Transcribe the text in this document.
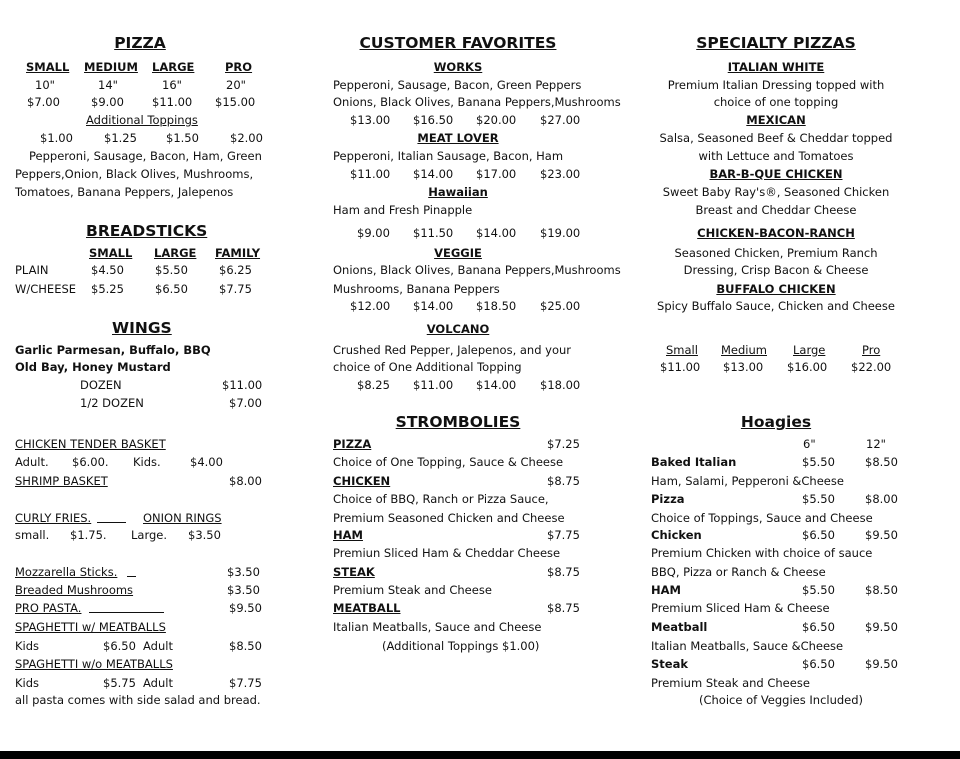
PIZZA
SMALL MEDIUM LARGE	PRO
10"	14"	16"	20"
$7.00	$9.00 $11.00 $15.00
Additional Toppings
$1.00	$1.25	$1.50	$2.00
Pepperoni, Sausage, Bacon, Ham, Green
Peppers,Onion, Black Olives, Mushrooms,
Tomatoes, Banana Peppers, Jalepenos
BREADSTICKS
SMALL LARGE FAMILY
PLAIN	$4.50	$5.50	$6.25
W/CHEESE $5.25	$6.50	$7.75
WINGS
Garlic Parmesan, Buffalo, BBQ
Old Bay, Honey Mustard
DOZEN	$11.00
1/2 DOZEN	$7.00
CHICKEN TENDER BASKET
Adult. $6.00. Kids.	$4.00
SHRIMP BASKET	$8.00
CURLY FRIES.	ONION RINGS
small. $1.75. Large. $3.50
Mozzarella Sticks.	$3.50
Breaded Mushrooms	$3.50
PRO PASTA.	$9.50
SPAGHETTI w/ MEATBALLS
Kids	$6.50 Adult	$8.50
SPAGHETTI w/o MEATBALLS
Kids	$5.75 Adult	$7.75
all pasta comes with side salad and bread.
CUSTOMER FAVORITES
WORKS
Pepperoni, Sausage, Bacon, Green Peppers
Onions, Black Olives, Banana Peppers,Mushrooms
$13.00 $16.50 $20.00 $27.00
MEAT LOVER
Pepperoni, Italian Sausage, Bacon, Ham
$11.00 $14.00 $17.00 $23.00
Hawaiian
Ham and Fresh Pinapple
$9.00 $11.50 $14.00 $19.00
VEGGIE
Onions, Black Olives, Banana Peppers,Mushrooms
Mushrooms, Banana Peppers
$12.00 $14.00 $18.50 $25.00
VOLCANO
Crushed Red Pepper, Jalepenos, and your
choice of One Additional Topping
$8.25 $11.00 $14.00 $18.00
STROMBOLIES
PIZZA	$7.25
Choice of One Topping, Sauce & Cheese
CHICKEN	$8.75
Choice of BBQ, Ranch or Pizza Sauce,
Premium Seasoned Chicken and Cheese
HAM	$7.75
Premiun Sliced Ham & Cheddar Cheese
STEAK	$8.75
Premium Steak and Cheese
MEATBALL	$8.75
Italian Meatballs, Sauce and Cheese
(Additional Toppings $1.00)
SPECIALTY PIZZAS
ITALIAN WHITE
Premium Italian Dressing topped with
choice of one topping
MEXICAN
Salsa, Seasoned Beef & Cheddar topped
with Lettuce and Tomatoes
BAR-B-QUE CHICKEN
Sweet Baby Ray's®, Seasoned Chicken
Breast and Cheddar Cheese
CHICKEN-BACON-RANCH
Seasoned Chicken, Premium Ranch
Dressing, Crisp Bacon & Cheese
BUFFALO CHICKEN
Spicy Buffalo Sauce, Chicken and Cheese
Small Medium Large	Pro
$11.00 $13.00 $16.00 $22.00
Hoagies
6"	12"
Baked Italian	$5.50	$8.50
Ham, Salami, Pepperoni &Cheese
Pizza	$5.50	$8.00
Choice of Toppings, Sauce and Cheese
Chicken	$6.50	$9.50
Premium Chicken with choice of sauce
BBQ, Pizza or Ranch & Cheese
HAM	$5.50	$8.50
Premium Sliced Ham & Cheese
Meatball	$6.50	$9.50
Italian Meatballs, Sauce &Cheese
Steak	$6.50	$9.50
Premium Steak and Cheese
(Choice of Veggies Included)
